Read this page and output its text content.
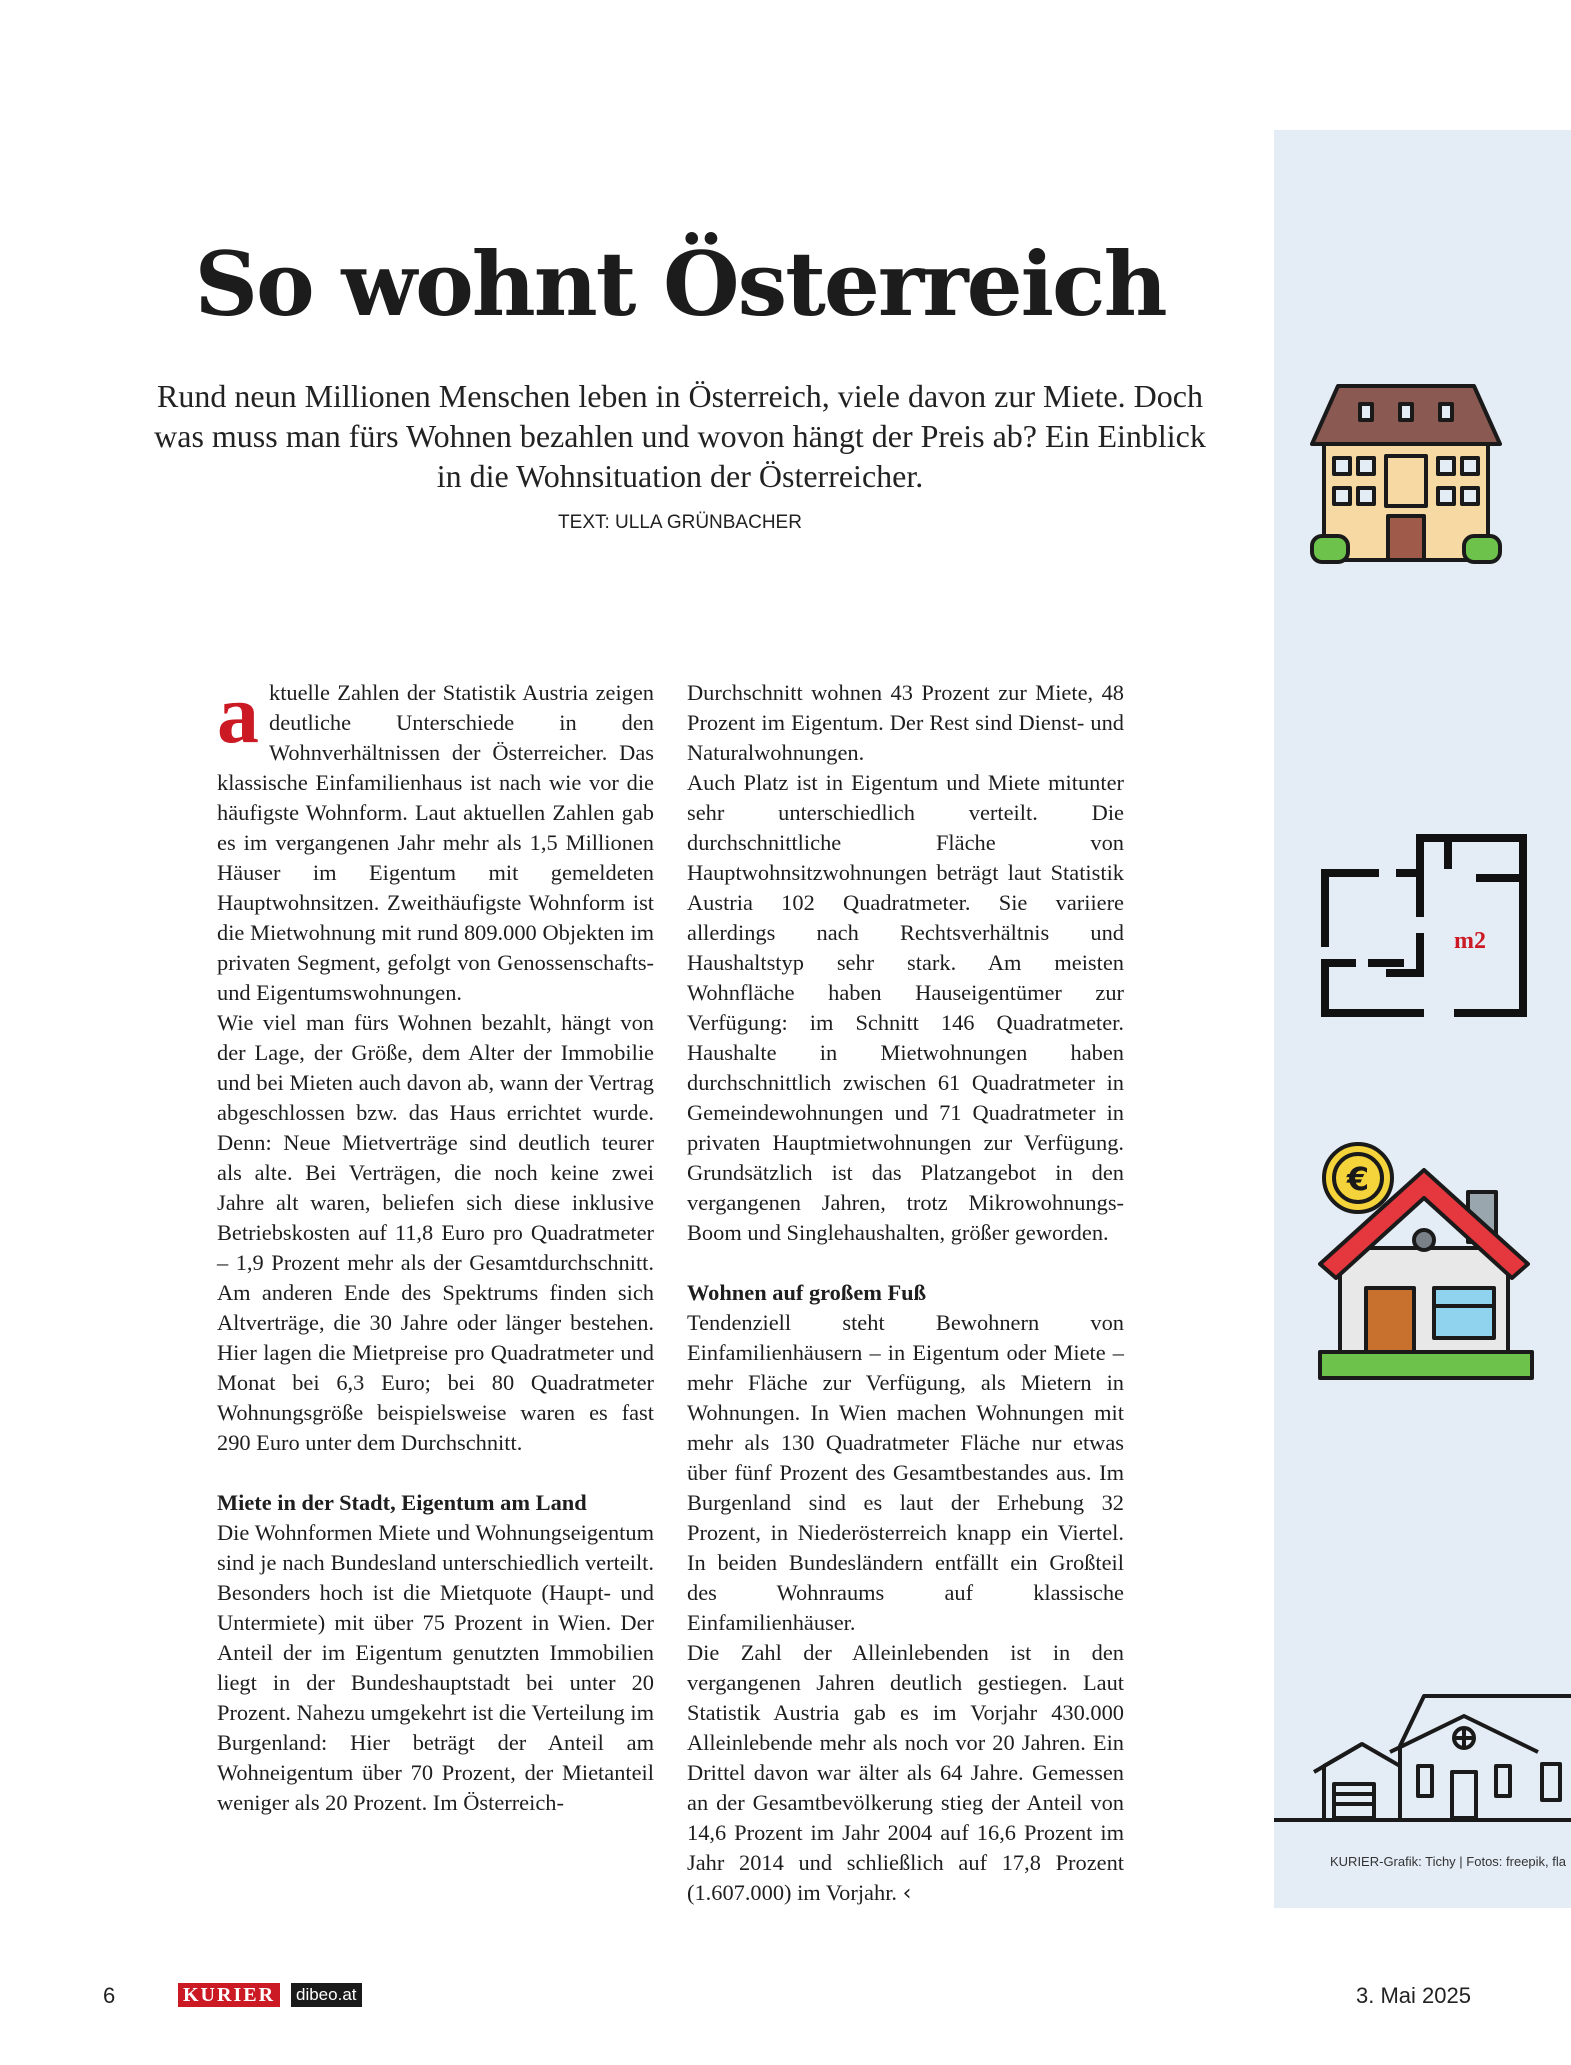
So wohnt Österreich

Rund neun Millionen Menschen leben in Österreich, viele davon zur Miete. Doch was muss man fürs Wohnen bezahlen und wovon hängt der Preis ab? Ein Einblick in die Wohnsituation der Österreicher.

TEXT: ULLA GRÜNBACHER
a ktuelle Zahlen der Statistik Austria zeigen deutliche Unterschiede in den Wohnverhältnissen der Österreicher. Das klassische Einfamilienhaus ist nach wie vor die häufigste Wohnform. Laut aktuellen Zahlen gab es im vergangenen Jahr mehr als 1,5 Millionen Häuser im Eigentum mit gemeldeten Hauptwohnsitzen. Zweithäufigste Wohnform ist die Mietwohnung mit rund 809.000 Objekten im privaten Segment, gefolgt von Genossenschafts- und Eigentumswohnungen.

Wie viel man fürs Wohnen bezahlt, hängt von der Lage, der Größe, dem Alter der Immobilie und bei Mieten auch davon ab, wann der Vertrag abgeschlossen bzw. das Haus errichtet wurde. Denn: Neue Mietverträge sind deutlich teurer als alte. Bei Verträgen, die noch keine zwei Jahre alt waren, beliefen sich diese inklusive Betriebskosten auf 11,8 Euro pro Quadratmeter – 1,9 Prozent mehr als der Gesamtdurchschnitt. Am anderen Ende des Spektrums finden sich Altverträge, die 30 Jahre oder länger bestehen. Hier lagen die Mietpreise pro Quadratmeter und Monat bei 6,3 Euro; bei 80 Quadratmeter Wohnungsgröße beispielsweise waren es fast 290 Euro unter dem Durchschnitt.

Miete in der Stadt, Eigentum am Land

Die Wohnformen Miete und Wohnungseigentum sind je nach Bundesland unterschiedlich verteilt. Besonders hoch ist die Mietquote (Haupt- und Untermiete) mit über 75 Prozent in Wien. Der Anteil der im Eigentum genutzten Immobilien liegt in der Bundeshauptstadt bei unter 20 Prozent. Nahezu umgekehrt ist die Verteilung im Burgenland: Hier beträgt der Anteil am Wohneigentum über 70 Prozent, der Mietanteil weniger als 20 Prozent. Im Österreich-

Durchschnitt wohnen 43 Prozent zur Miete, 48 Prozent im Eigentum. Der Rest sind Dienst- und Naturalwohnungen.

Auch Platz ist in Eigentum und Miete mitunter sehr unterschiedlich verteilt. Die durchschnittliche Fläche von Hauptwohnsitzwohnungen beträgt laut Statistik Austria 102 Quadratmeter. Sie variiere allerdings nach Rechtsverhältnis und Haushaltstyp sehr stark. Am meisten Wohnfläche haben Hauseigentümer zur Verfügung: im Schnitt 146 Quadratmeter. Haushalte in Mietwohnungen haben durchschnittlich zwischen 61 Quadratmeter in Gemeindewohnungen und 71 Quadratmeter in privaten Hauptmietwohnungen zur Verfügung. Grundsätzlich ist das Platzangebot in den vergangenen Jahren, trotz Mikrowohnungs-Boom und Singlehaushalten, größer geworden.

Wohnen auf großem Fuß

Tendenziell steht Bewohnern von Einfamilienhäusern – in Eigentum oder Miete – mehr Fläche zur Verfügung, als Mietern in Wohnungen. In Wien machen Wohnungen mit mehr als 130 Quadratmeter Fläche nur etwas über fünf Prozent des Gesamtbestandes aus. Im Burgenland sind es laut der Erhebung 32 Prozent, in Niederösterreich knapp ein Viertel. In beiden Bundesländern entfällt ein Großteil des Wohnraums auf klassische Einfamilienhäuser.

Die Zahl der Alleinlebenden ist in den vergangenen Jahren deutlich gestiegen. Laut Statistik Austria gab es im Vorjahr 430.000 Alleinlebende mehr als noch vor 20 Jahren. Ein Drittel davon war älter als 64 Jahre. Gemessen an der Gesamtbevölkerung stieg der Anteil von 14,6 Prozent im Jahr 2004 auf 16,6 Prozent im Jahr 2014 und schließlich auf 17,8 Prozent (1.607.000) im Vorjahr. ‹

m2
€
KURIER-Grafik: Tichy | Fotos: freepik, fla
6	KURIER dibeo.at	3. Mai 2025
